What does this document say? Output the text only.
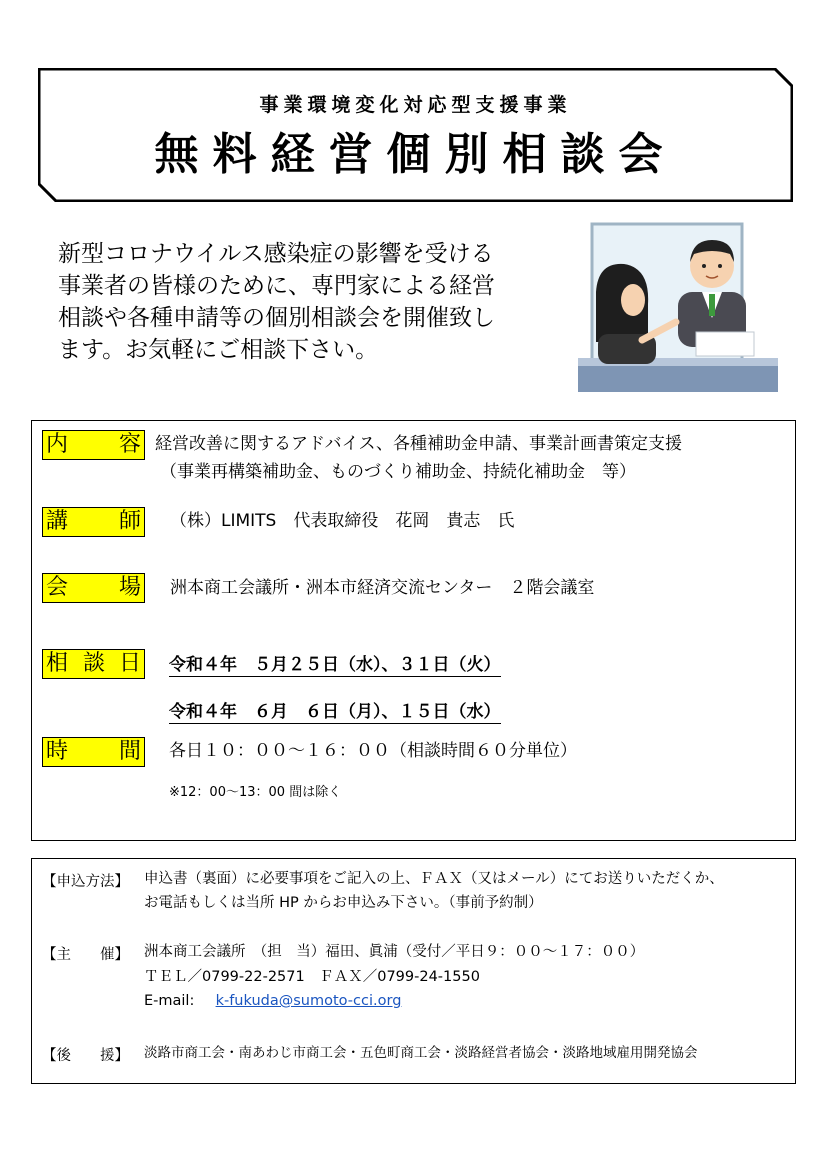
事業環境変化対応型支援事業
無料経営個別相談会
新型コロナウイルス感染症の影響を受ける
事業者の皆様のために、専門家による経営
相談や各種申請等の個別相談会を開催致し
ます。お気軽にご相談下さい。
内 容 経営改善に関するアドバイス、各種補助金申請、事業計画書策定支援
（事業再構築補助金、ものづくり補助金、持続化補助金　等）
講 師 （株）LIMITS　代表取締役　花岡　貴志　氏
会 場 洲本商工会議所・洲本市経済交流センター　２階会議室
相 談 日 令和４年　５月２５日（水）、３１日（火）
令和４年　６月　６日（月）、１５日（水）
時 間 各日１０：００～１６：００（相談時間６０分単位）
※12：00～13：00 間は除く
【申込方法】 申込書（裏面）に必要事項をご記入の上、ＦＡＸ（又はメール）にてお送りいただくか、
お電話もしくは当所 HP からお申込み下さい。（事前予約制）
【主　　催】 洲本商工会議所　（担　当）福田、眞浦（受付／平日９：００～１７：００）
ＴＥＬ／0799-22-2571　ＦＡＸ／0799-24-1550
E-mail: k-fukuda@sumoto-cci.org
【後　　援】 淡路市商工会・南あわじ市商工会・五色町商工会・淡路経営者協会・淡路地域雇用開発協会
